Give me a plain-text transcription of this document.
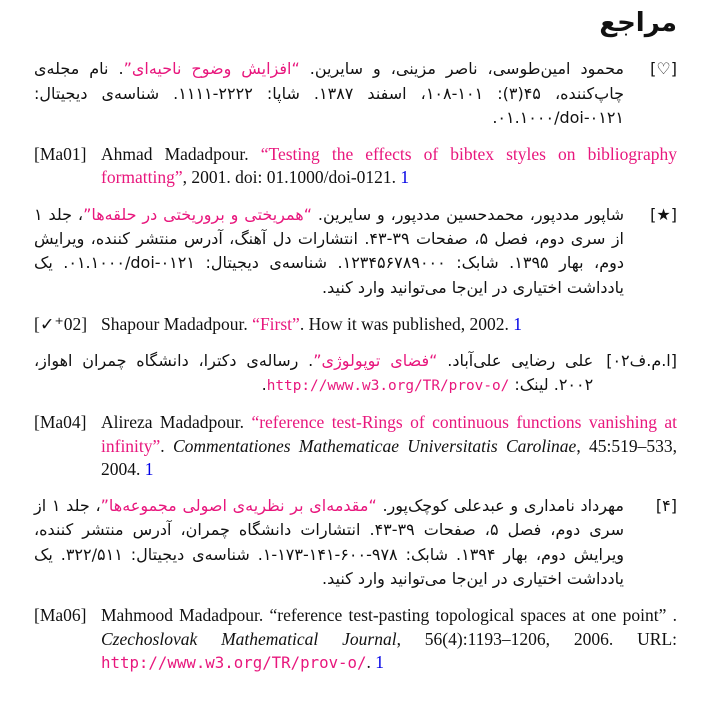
مراجع
[♡]
محمود امین‌طوسی، ناصر مزینی، و سایرین. “افزایش وضوح ناحیه‌ای”. نام مجله‌ی چاپ‌کننده، ۴۵(۳): ۱۰۱-۱۰۸، اسفند ۱۳۸۷. شاپا: ۲۲۲۲-۱۱۱۱. شناسه‌ی دیجیتال: ۰۱.۱۰۰۰/doi-۰۱۲۱.
[Ma01] Ahmad Madadpour. “Testing the effects of bibtex styles on bibliography formatting”, 2001. doi: 01.1000/doi-0121. 1
[★]
شاپور مددپور، محمدحسین مددپور، و سایرین. “همریختی و بروریختی در حلقه‌ها”، جلد ۱ از سری دوم، فصل ۵، صفحات ۳۹-۴۳. انتشارات دل آهنگ، آدرس منتشر کننده، ویرایش دوم، بهار ۱۳۹۵. شابک: ۱۲۳۴۵۶۷۸۹۰۰۰. شناسه‌ی دیجیتال: ۰۱.۱۰۰۰/doi-۰۱۲۱. یک یادداشت اختیاری در این‌جا می‌توانید وارد کنید.
[✓⁺02] Shapour Madadpour. “First”. How it was published, 2002. 1
[ا.م.ف۰۲]
علی رضایی علی‌آباد. “فضای توپولوژی”. رساله‌ی دکترا، دانشگاه چمران اهواز، ۲۰۰۲. لینک: http://www.w3.org/TR/prov-o/.
[Ma04] Alireza Madadpour. “reference test-Rings of continuous functions vanishing at infinity”. Commentationes Mathematicae Universitatis Carolinae, 45:519–533, 2004. 1
[۴]
مهرداد نامداری و عبدعلی کوچک‌پور. “مقدمه‌ای بر نظریه‌ی اصولی مجموعه‌ها”، جلد ۱ از سری دوم، فصل ۵، صفحات ۳۹-۴۳. انتشارات دانشگاه چمران، آدرس منتشر کننده، ویرایش دوم، بهار ۱۳۹۴. شابک: ۱-۱۷۳-۱۴۱-۶۰۰-۹۷۸. شناسه‌ی دیجیتال: ۳۲۲/۵۱۱. یک یادداشت اختیاری در این‌جا می‌توانید وارد کنید.
[Ma06] Mahmood Madadpour. “reference test-pasting topological spaces at one point” . Czechoslovak Mathematical Journal, 56(4):1193–1206, 2006. URL: http://www.w3.org/TR/prov-o/. 1
